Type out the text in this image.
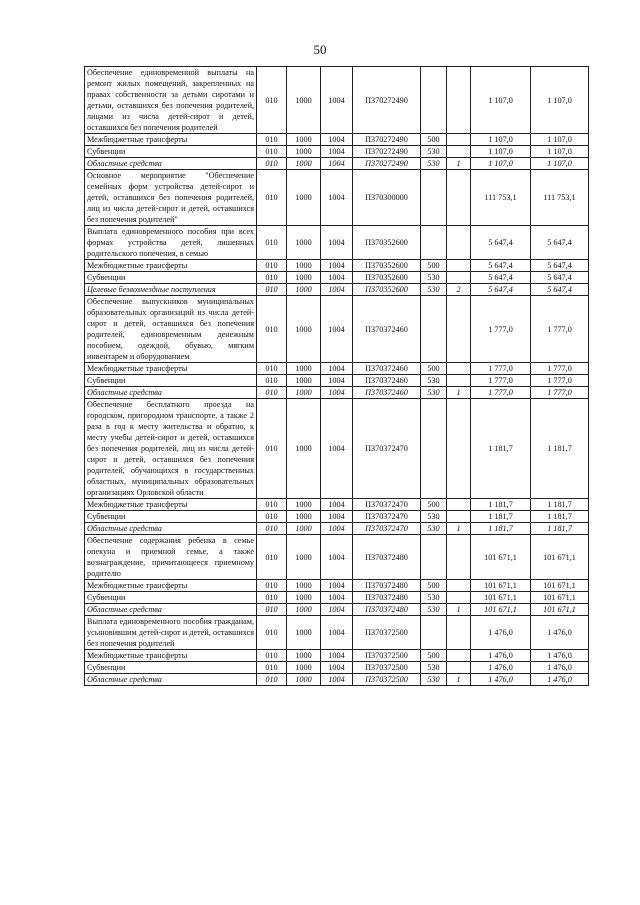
50
Обеспечение единовременной выплаты на ремонт жилых помещений, закрепленных на правах собственности за детьми сиротами и детьми, оставшихся без попечения родителей, лицами из числа детей-сирот и детей, оставшихся без попечения родителей	010	1000	1004	П370272490			1 107,0	1 107,0
Межбюджетные трансферты	010	1000	1004	П370272490	500		1 107,0	1 107,0
Субвенции	010	1000	1004	П370272490	530		1 107,0	1 107,0
Областные средства	010	1000	1004	П370272490	530	1	1 107,0	1 107,0
Основное мероприятие "Обеспечение семейных форм устройства детей-сирот и детей, оставшихся без попечения родителей, лиц из числа детей-сирот и детей, оставшихся без попечения родителей"	010	1000	1004	П370300000			111 753,1	111 753,1
Выплата единовременного пособия при всех формах устройства детей, лишенных родительского попечения, в семью	010	1000	1004	П370352600			5 647,4	5 647,4
Межбюджетные трансферты	010	1000	1004	П370352600	500		5 647,4	5 647,4
Субвенции	010	1000	1004	П370352600	530		5 647,4	5 647,4
Целевые безвозмездные поступления	010	1000	1004	П370352600	530	2	5 647,4	5 647,4
Обеспечение выпускников муниципальных образовательных организаций из числа детей-сирот и детей, оставшихся без попечения родителей, единовременным денежным пособием, одеждой, обувью, мягким инвентарем и оборудованием	010	1000	1004	П370372460			1 777,0	1 777,0
Межбюджетные трансферты	010	1000	1004	П370372460	500		1 777,0	1 777,0
Субвенции	010	1000	1004	П370372460	530		1 777,0	1 777,0
Областные средства	010	1000	1004	П370372460	530	1	1 777,0	1 777,0
Обеспечение бесплатного проезда на городском, пригородном транспорте, а также 2 раза в год к месту жительства и обратно, к месту учебы детей-сирот и детей, оставшихся без попечения родителей, лиц из числа детей-сирот и детей, оставшихся без попечения родителей, обучающихся в государственных областных, муниципальных образовательных организациях Орловской области	010	1000	1004	П370372470			1 181,7	1 181,7
Межбюджетные трансферты	010	1000	1004	П370372470	500		1 181,7	1 181,7
Субвенции	010	1000	1004	П370372470	530		1 181,7	1 181,7
Областные средства	010	1000	1004	П370372470	530	1	1 181,7	1 181,7
Обеспечение содержания ребенка в семье опекуна и приемной семье, а также вознаграждение, причитающееся приемному родителю	010	1000	1004	П370372480			101 671,1	101 671,1
Межбюджетные трансферты	010	1000	1004	П370372480	500		101 671,1	101 671,1
Субвенции	010	1000	1004	П370372480	530		101 671,1	101 671,1
Областные средства	010	1000	1004	П370372480	530	1	101 671,1	101 671,1
Выплата единовременного пособия гражданам, усыновившим детей-сирот и детей, оставшихся без попечения родителей	010	1000	1004	П370372500			1 476,0	1 476,0
Межбюджетные трансферты	010	1000	1004	П370372500	500		1 476,0	1 476,0
Субвенции	010	1000	1004	П370372500	530		1 476,0	1 476,0
Областные средства	010	1000	1004	П370372500	530	1	1 476,0	1 476,0
